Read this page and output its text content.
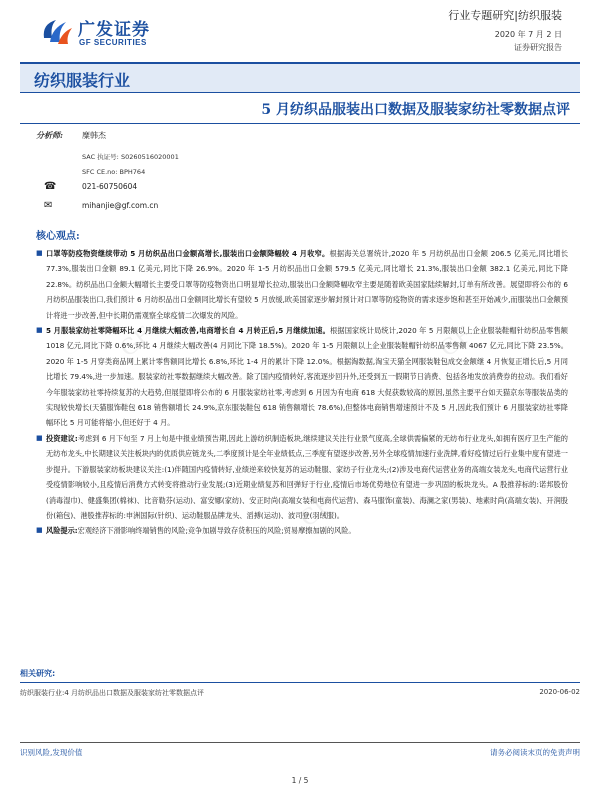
广发证券
GF SECURITIES
行业专题研究|纺织服装
2020 年 7 月 2 日
证券研究报告
纺织服装行业
5 月纺织品服装出口数据及服装家纺社零数据点评
GF
GF
GF
分析师: 糜韩杰
SAC 执证号: S0260516020001
SFC CE.no: BPH764
☎	021-60750604
✉	mihanjie@gf.com.cn
核心观点:
■ 口罩等防疫物资继续带动 5 月纺织品出口金额高增长,服装出口金额降幅较 4 月收窄。根据海关总署统计,2020 年 5 月纺织品出口金额 206.5 亿美元,同比增长 77.3%,服装出口金额 89.1 亿美元,同比下降 26.9%。2020 年 1-5 月纺织品出口金额 579.5 亿美元,同比增长 21.3%,服装出口金额 382.1 亿美元,同比下降 22.8%。纺织品出口金额大幅增长主要受口罩等防疫物资出口明显增长拉动,服装出口金额降幅收窄主要是随着欧美国家陆续解封,订单有所改善。展望即将公布的 6 月纺织品服装出口,我们预计 6 月纺织品出口金额同比增长有望较 5 月放缓,欧美国家逐步解封预计对口罩等防疫物资的需求逐步饱和甚至开始减少,而服装出口金额预计将进一步改善,但中长期仍需观察全球疫情二次爆发的风险。
■ 5 月服装家纺社零降幅环比 4 月继续大幅改善,电商增长自 4 月转正后,5 月继续加速。根据国家统计局统计,2020 年 5 月限额以上企业服装鞋帽针纺织品零售额 1018 亿元,同比下降 0.6%,环比 4 月继续大幅改善(4 月同比下降 18.5%)。2020 年 1-5 月限额以上企业服装鞋帽针纺织品零售额 4067 亿元,同比下降 23.5%。2020 年 1-5 月穿类商品网上累计零售额同比增长 6.8%,环比 1-4 月的累计下降 12.0%。根据淘数据,淘宝天猫全网服装鞋包成交金额继 4 月恢复正增长后,5 月同比增长 79.4%,进一步加速。服装家纺社零数据继续大幅改善。除了国内疫情转好,客流逐步回升外,还受到五一假期节日消费、包括各地发放消费券的拉动。我们看好今年服装家纺社零持续复苏的大趋势,但展望即将公布的 6 月服装家纺社零,考虑到 6 月因为有电商 618 大促获数较高的原因,虽然主要平台如天猫京东等服装品类的实现较快增长(天猫服饰鞋包 618 销售额增长 24.9%,京东服装鞋包 618 销售额增长 78.6%),但整体电商销售增速预计不及 5 月,因此我们预计 6 月服装家纺社零降幅环比 5 月可能将缩小,但还好于 4 月。
■ 投资建议:考虑到 6 月下旬至 7 月上旬是中报业绩预告期,因此上游纺织制造板块,继续建议关注行业景气度高,全球供需偏紧的无纺布行业龙头,如拥有医疗卫生产能的无纺布龙头,中长期建议关注板块内的优质供应链龙头,二季度预计是全年业绩低点,三季度有望逐步改善,另外全球疫情加速行业洗牌,看好疫情过后行业集中度有望进一步提升。下游服装家纺板块建议关注:(1)伴随国内疫情转好,业绩逆来较快复苏的运动鞋服、家纺子行业龙头;(2)涉及电商代运营业务的高端女装龙头,电商代运营行业受疫情影响较小,且疫情后消费方式转变将推动行业发展;(3)近期业绩复苏和回弹好于行业,疫情后市场优势地位有望进一步巩固的板块龙头。A 股推荐标的:诺邦股份(消毒湿巾)、健盛集团(棉袜)、比音勒芬(运动)、富安娜(家纺)、安正时尚(高端女装和电商代运营)、森马服饰(童装)、海澜之家(男装)、地素时尚(高端女装)、开润股份(箱包)、港股推荐标的:申洲国际(针织)、运动鞋服品牌龙头、滔搏(运动)、波司登(羽绒服)。
■ 风险提示:宏观经济下滑影响终端销售的风险;竞争加剧导致存货积压的风险;贸易摩擦加剧的风险。
相关研究:
纺织服装行业:4 月纺织品出口数据及服装家纺社零数据点评	2020-06-02
识别风险,发现价值	请务必阅读末页的免责声明
1 / 5
